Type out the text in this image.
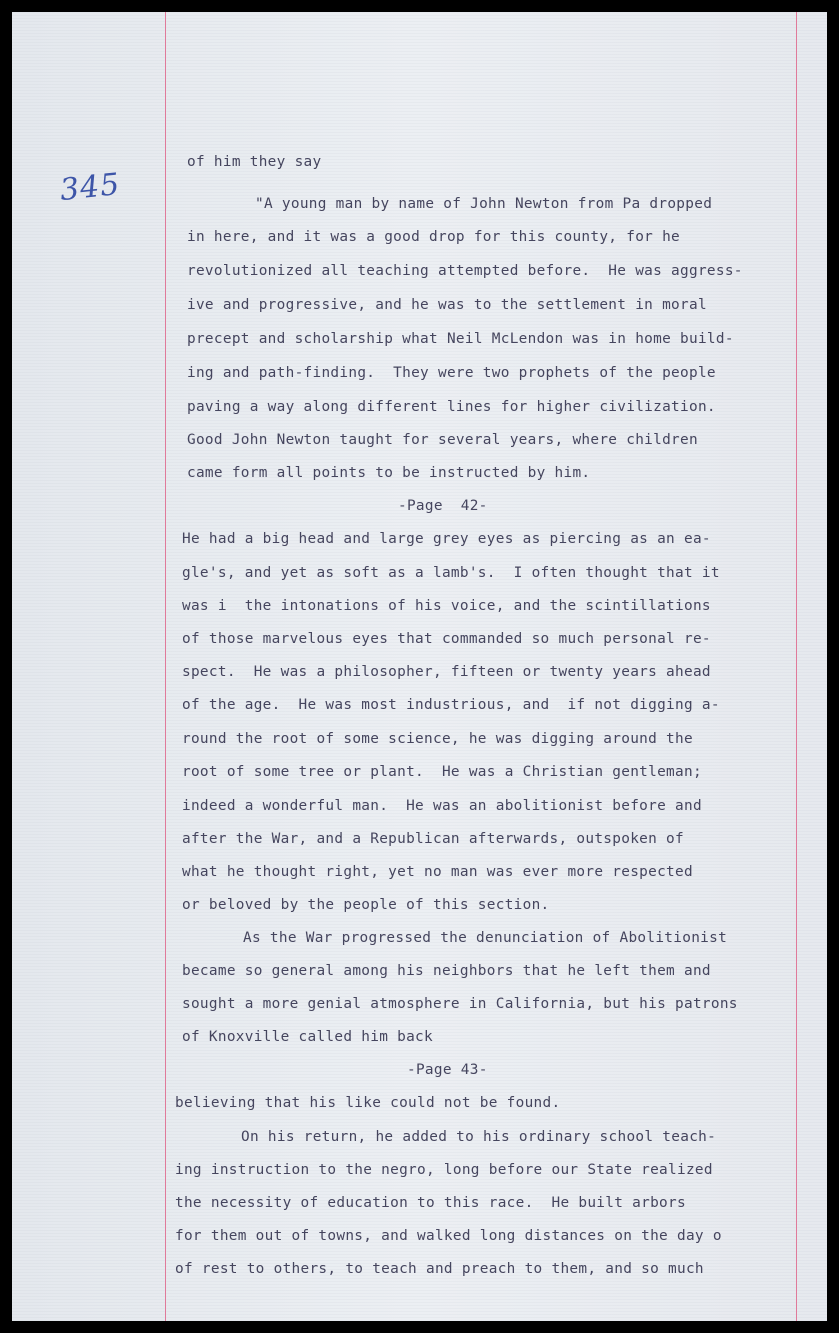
345
of him they say
"A young man by name of John Newton from Pa dropped
in here, and it was a good drop for this county, for he
revolutionized all teaching attempted before.  He was aggress-
ive and progressive, and he was to the settlement in moral
precept and scholarship what Neil McLendon was in home build-
ing and path-finding.  They were two prophets of the people
paving a way along different lines for higher civilization.
Good John Newton taught for several years, where children
came form all points to be instructed by him.
-Page  42-
He had a big head and large grey eyes as piercing as an ea-
gle's, and yet as soft as a lamb's.  I often thought that it
was i  the intonations of his voice, and the scintillations
of those marvelous eyes that commanded so much personal re-
spect.  He was a philosopher, fifteen or twenty years ahead
of the age.  He was most industrious, and  if not digging a-
round the root of some science, he was digging around the
root of some tree or plant.  He was a Christian gentleman;
indeed a wonderful man.  He was an abolitionist before and
after the War, and a Republican afterwards, outspoken of
what he thought right, yet no man was ever more respected
or beloved by the people of this section.
As the War progressed the denunciation of Abolitionist
became so general among his neighbors that he left them and
sought a more genial atmosphere in California, but his patrons
of Knoxville called him back
-Page 43-
believing that his like could not be found.
On his return, he added to his ordinary school teach-
ing instruction to the negro, long before our State realized
the necessity of education to this race.  He built arbors
for them out of towns, and walked long distances on the day o
of rest to others, to teach and preach to them, and so much
